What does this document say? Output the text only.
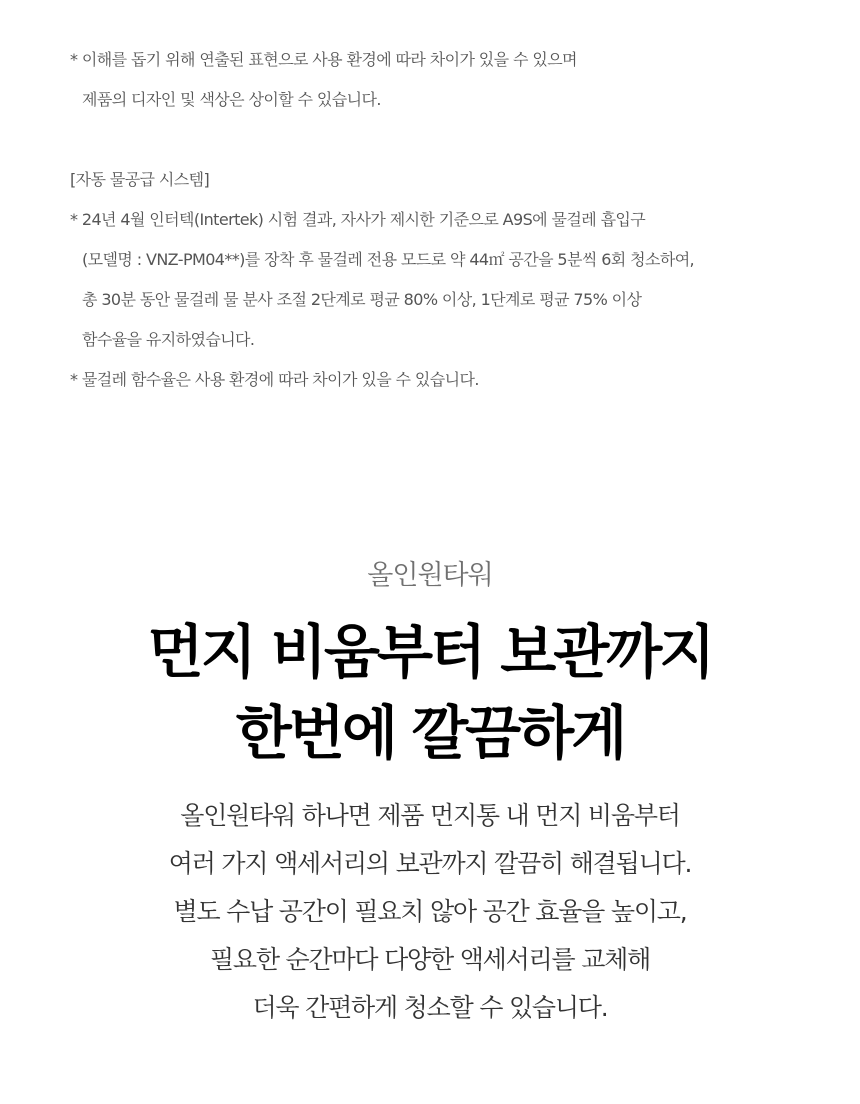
* 이해를 돕기 위해 연출된 표현으로 사용 환경에 따라 차이가 있을 수 있으며
제품의 디자인 및 색상은 상이할 수 있습니다.
[자동 물공급 시스템]
* 24년 4월 인터텍(Intertek) 시험 결과, 자사가 제시한 기준으로 A9S에 물걸레 흡입구
(모델명 : VNZ-PM04**)를 장착 후 물걸레 전용 모드로 약 44㎡ 공간을 5분씩 6회 청소하여,
총 30분 동안 물걸레 물 분사 조절 2단계로 평균 80% 이상, 1단계로 평균 75% 이상
함수율을 유지하였습니다.
* 물걸레 함수율은 사용 환경에 따라 차이가 있을 수 있습니다.
올인원타워
먼지 비움부터 보관까지
한번에 깔끔하게
올인원타워 하나면 제품 먼지통 내 먼지 비움부터
여러 가지 액세서리의 보관까지 깔끔히 해결됩니다.
별도 수납 공간이 필요치 않아 공간 효율을 높이고,
필요한 순간마다 다양한 액세서리를 교체해
더욱 간편하게 청소할 수 있습니다.
